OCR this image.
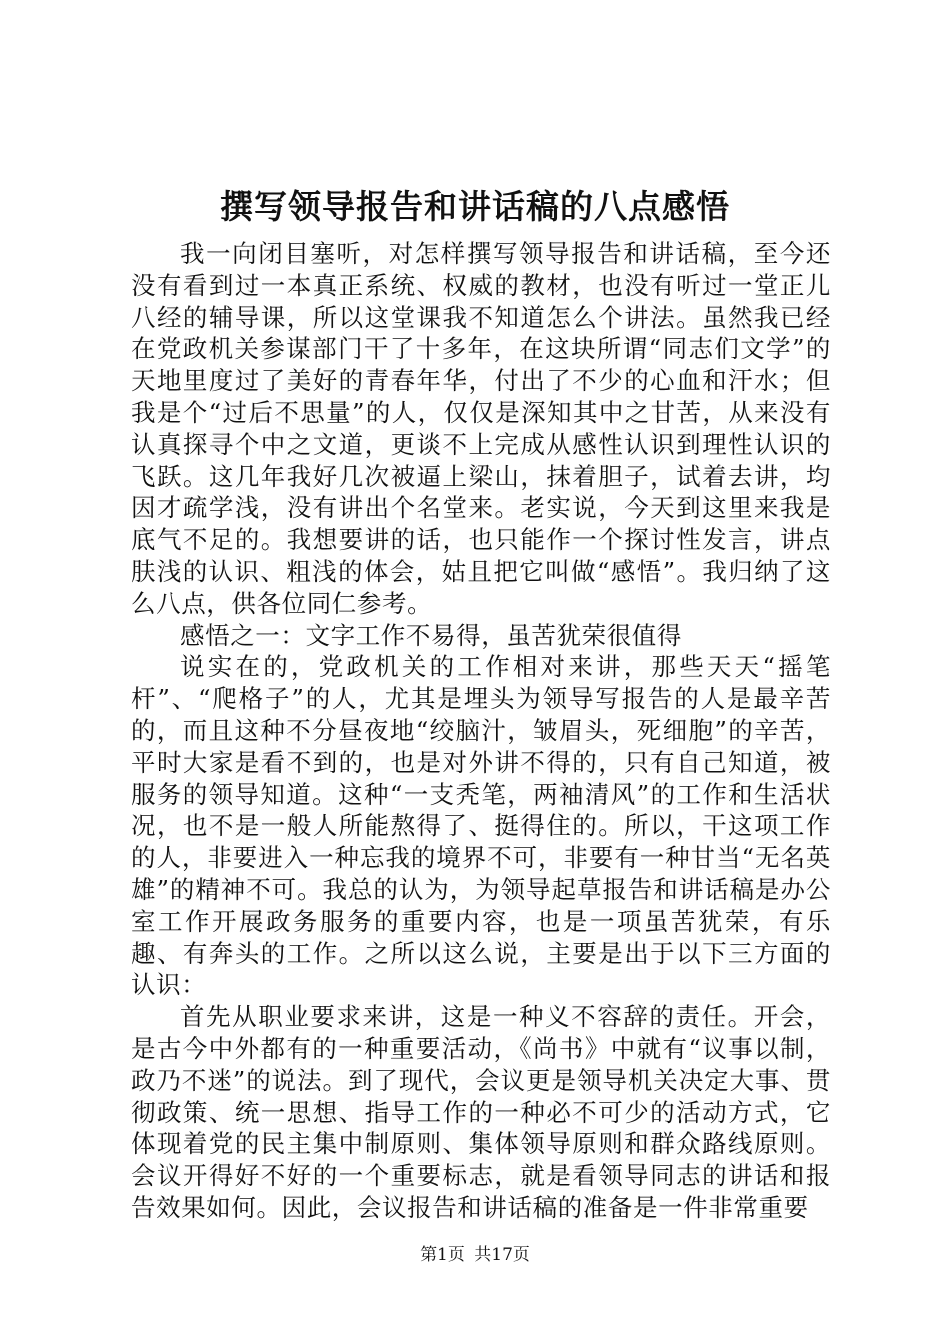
撰写领导报告和讲话稿的八点感悟

我一向闭目塞听，对怎样撰写领导报告和讲话稿，至今还没有看到过一本真正系统、权威的教材，也没有听过一堂正儿八经的辅导课，所以这堂课我不知道怎么个讲法。虽然我已经在党政机关参谋部门干了十多年，在这块所谓“同志们文学”的天地里度过了美好的青春年华，付出了不少的心血和汗水；但我是个“过后不思量”的人，仅仅是深知其中之甘苦，从来没有认真探寻个中之文道，更谈不上完成从感性认识到理性认识的飞跃。这几年我好几次被逼上梁山，抹着胆子，试着去讲，均因才疏学浅，没有讲出个名堂来。老实说，今天到这里来我是底气不足的。我想要讲的话，也只能作一个探讨性发言，讲点肤浅的认识、粗浅的体会，姑且把它叫做“感悟”。我归纳了这么八点，供各位同仁参考。

感悟之一：文字工作不易得，虽苦犹荣很值得

说实在的，党政机关的工作相对来讲，那些天天“摇笔杆”、“爬格子”的人，尤其是埋头为领导写报告的人是最辛苦的，而且这种不分昼夜地“绞脑汁，皱眉头，死细胞”的辛苦，平时大家是看不到的，也是对外讲不得的，只有自己知道，被服务的领导知道。这种“一支秃笔，两袖清风”的工作和生活状况，也不是一般人所能熬得了、挺得住的。所以，干这项工作的人，非要进入一种忘我的境界不可，非要有一种甘当“无名英雄”的精神不可。我总的认为，为领导起草报告和讲话稿是办公室工作开展政务服务的重要内容，也是一项虽苦犹荣，有乐趣、有奔头的工作。之所以这么说，主要是出于以下三方面的认识：

首先从职业要求来讲，这是一种义不容辞的责任。开会，是古今中外都有的一种重要活动，《尚书》中就有“议事以制，政乃不迷”的说法。到了现代，会议更是领导机关决定大事、贯彻政策、统一思想、指导工作的一种必不可少的活动方式，它体现着党的民主集中制原则、集体领导原则和群众路线原则。会议开得好不好的一个重要标志，就是看领导同志的讲话和报告效果如何。因此，会议报告和讲话稿的准备是一件非常重要

第1页 共17页
